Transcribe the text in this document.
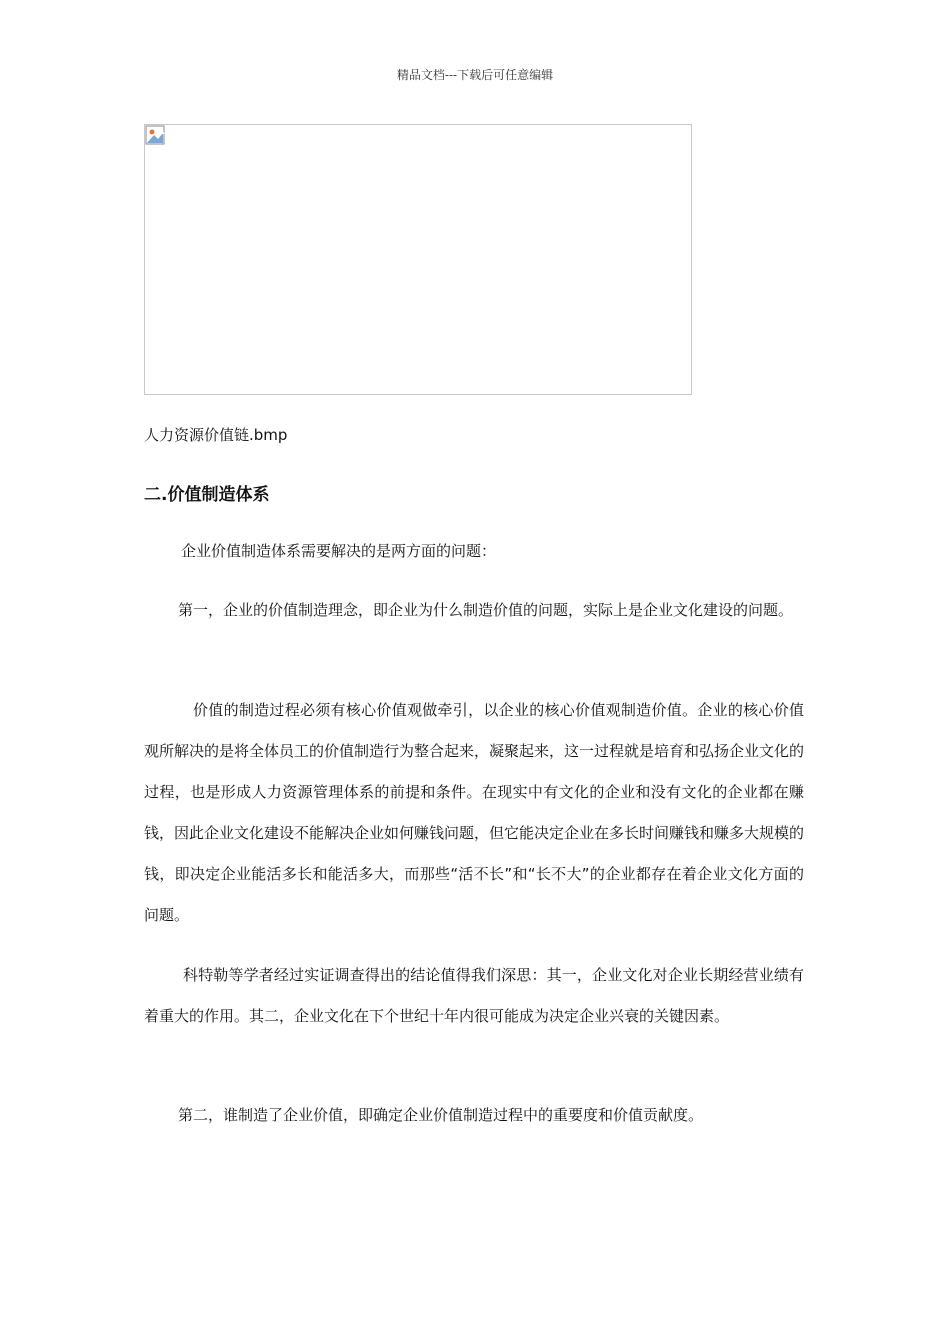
精品文档---下载后可任意编辑
人力资源价值链.bmp
二.价值制造体系

企业价值制造体系需要解决的是两方面的问题：

第一，企业的价值制造理念，即企业为什么制造价值的问题，实际上是企业文化建设的问题。

价值的制造过程必须有核心价值观做牵引，以企业的核心价值观制造价值。企业的核心价值观所解决的是将全体员工的价值制造行为整合起来，凝聚起来，这一过程就是培育和弘扬企业文化的过程，也是形成人力资源管理体系的前提和条件。在现实中有文化的企业和没有文化的企业都在赚钱，因此企业文化建设不能解决企业如何赚钱问题，但它能决定企业在多长时间赚钱和赚多大规模的钱，即决定企业能活多长和能活多大，而那些“活不长”和“长不大”的企业都存在着企业文化方面的问题。

科特勒等学者经过实证调查得出的结论值得我们深思：其一，企业文化对企业长期经营业绩有着重大的作用。其二，企业文化在下个世纪十年内很可能成为决定企业兴衰的关键因素。

第二，谁制造了企业价值，即确定企业价值制造过程中的重要度和价值贡献度。
